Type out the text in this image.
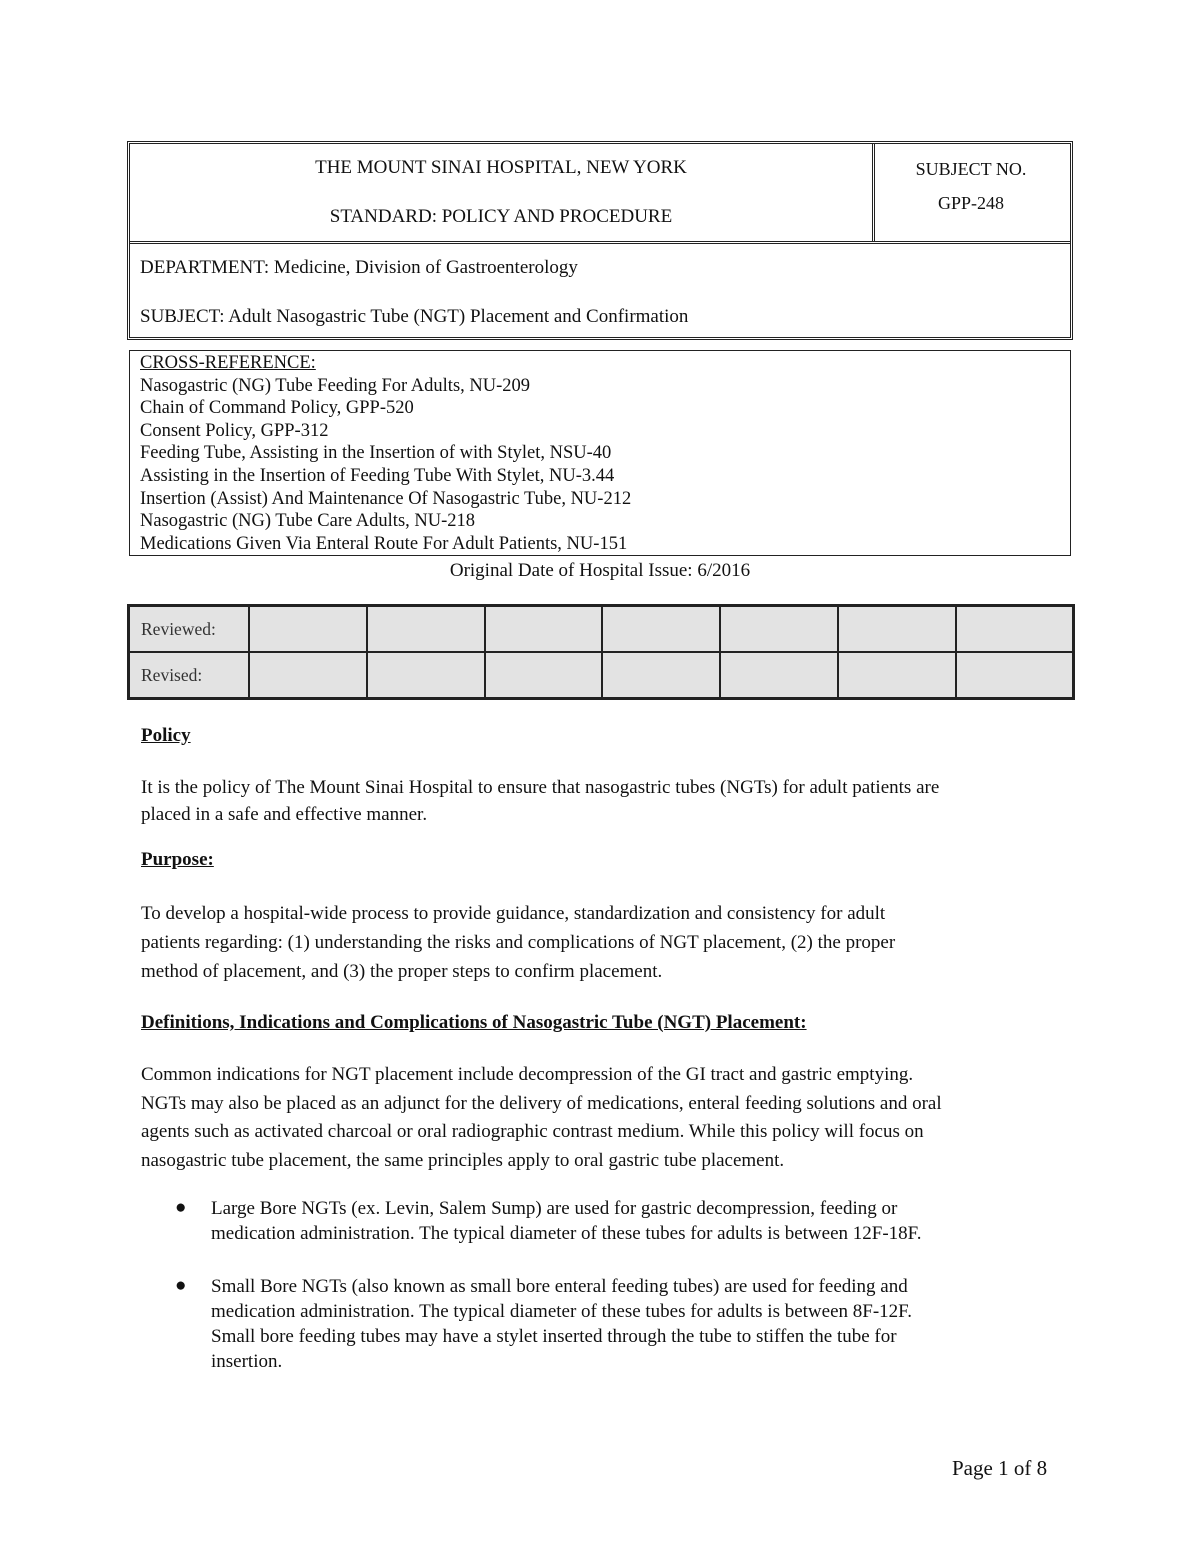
THE MOUNT SINAI HOSPITAL, NEW YORK
STANDARD: POLICY AND PROCEDURE
SUBJECT NO.
GPP-248
DEPARTMENT: Medicine, Division of Gastroenterology
SUBJECT: Adult Nasogastric Tube (NGT) Placement and Confirmation
CROSS-REFERENCE:
Nasogastric (NG) Tube Feeding For Adults, NU-209
Chain of Command Policy, GPP-520
Consent Policy, GPP-312
Feeding Tube, Assisting in the Insertion of with Stylet, NSU-40
Assisting in the Insertion of Feeding Tube With Stylet, NU-3.44
Insertion (Assist) And Maintenance Of Nasogastric Tube, NU-212
Nasogastric (NG) Tube Care Adults, NU-218
Medications Given Via Enteral Route For Adult Patients, NU-151
Original Date of Hospital Issue: 6/2016
Reviewed:							
Revised:							
Policy
It is the policy of The Mount Sinai Hospital to ensure that nasogastric tubes (NGTs) for adult patients are
placed in a safe and effective manner.
Purpose:
To develop a hospital-wide process to provide guidance, standardization and consistency for adult
patients regarding: (1) understanding the risks and complications of NGT placement, (2) the proper
method of placement, and (3) the proper steps to confirm placement.
Definitions, Indications and Complications of Nasogastric Tube (NGT) Placement:
Common indications for NGT placement include decompression of the GI tract and gastric emptying.
NGTs may also be placed as an adjunct for the delivery of medications, enteral feeding solutions and oral
agents such as activated charcoal or oral radiographic contrast medium. While this policy will focus on
nasogastric tube placement, the same principles apply to oral gastric tube placement.
● Large Bore NGTs (ex. Levin, Salem Sump) are used for gastric decompression, feeding or
medication administration. The typical diameter of these tubes for adults is between 12F-18F.
● Small Bore NGTs (also known as small bore enteral feeding tubes) are used for feeding and
medication administration. The typical diameter of these tubes for adults is between 8F-12F.
Small bore feeding tubes may have a stylet inserted through the tube to stiffen the tube for
insertion.
Page 1 of 8
